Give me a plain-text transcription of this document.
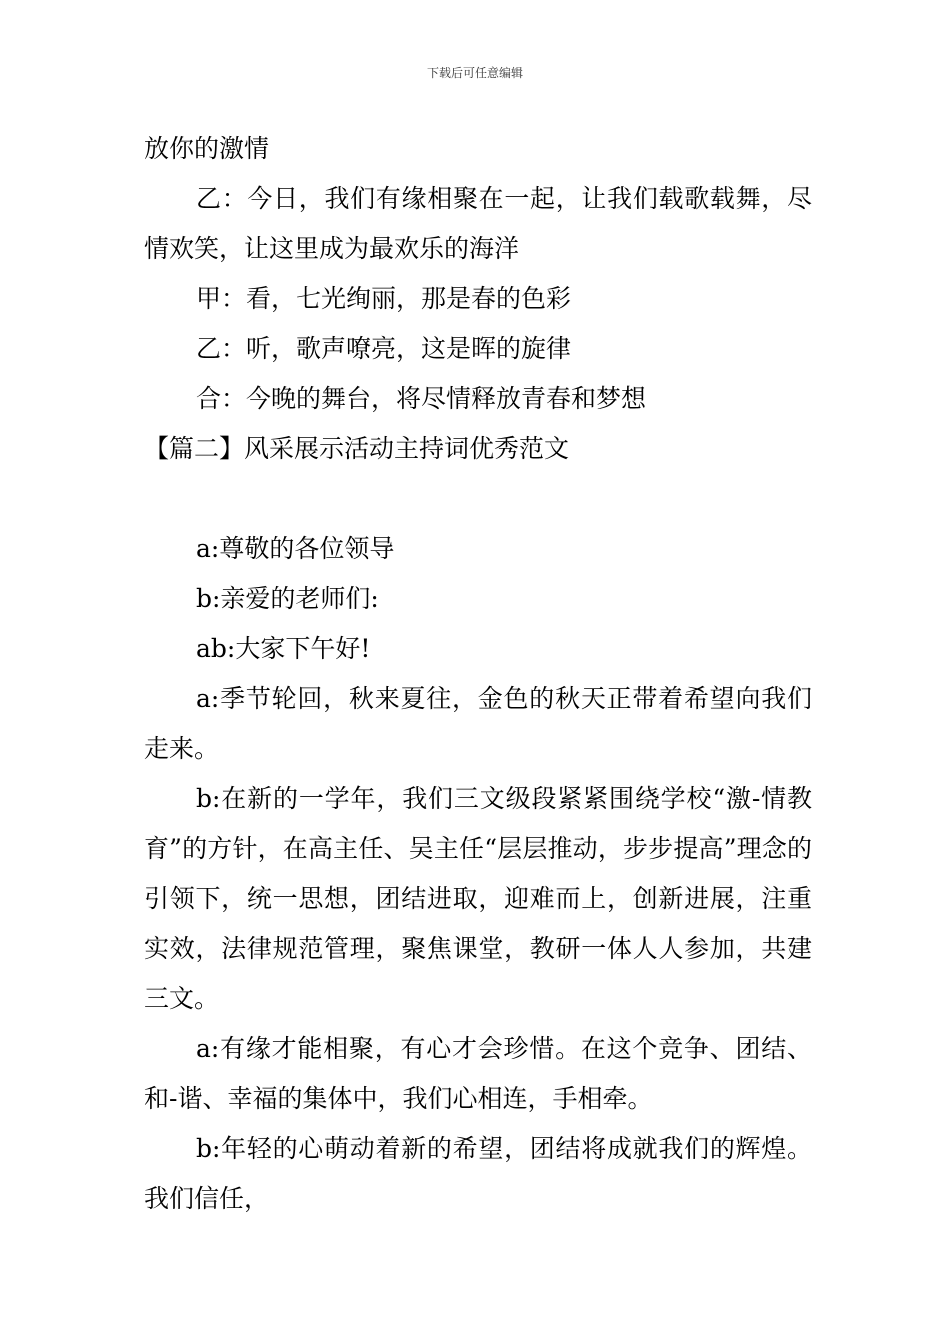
下载后可任意编辑

放你的激情

乙：今日，我们有缘相聚在一起，让我们载歌载舞，尽情欢笑，让这里成为最欢乐的海洋

甲：看，七光绚丽，那是春的色彩

乙：听，歌声嘹亮，这是晖的旋律

合：今晚的舞台，将尽情释放青春和梦想

【篇二】风采展示活动主持词优秀范文

a:尊敬的各位领导

b:亲爱的老师们:

ab:大家下午好!

a:季节轮回，秋来夏往，金色的秋天正带着希望向我们走来。

b:在新的一学年，我们三文级段紧紧围绕学校“激-情教育”的方针，在高主任、吴主任“层层推动，步步提高”理念的引领下，统一思想，团结进取，迎难而上，创新进展，注重实效，法律规范管理，聚焦课堂，教研一体人人参加，共建三文。

a:有缘才能相聚，有心才会珍惜。在这个竞争、团结、和-谐、幸福的集体中，我们心相连，手相牵。

b:年轻的心萌动着新的希望，团结将成就我们的辉煌。我们信任，
